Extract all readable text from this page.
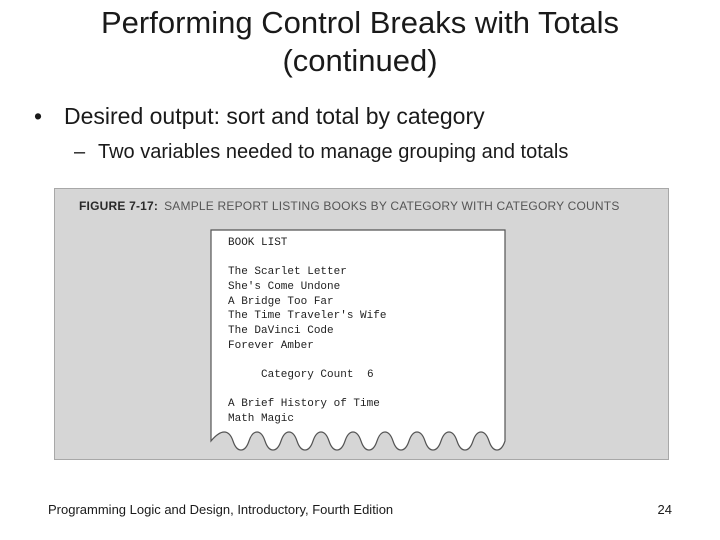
Performing Control Breaks with Totals
(continued)
• Desired output: sort and total by category
– Two variables needed to manage grouping and totals
FIGURE 7-17: SAMPLE REPORT LISTING BOOKS BY CATEGORY WITH CATEGORY COUNTS
BOOK LIST
The Scarlet Letter
She's Come Undone
A Bridge Too Far
The Time Traveler's Wife
The DaVinci Code
Forever Amber
Category Count 6
A Brief History of Time
Math Magic
Programming Logic and Design, Introductory, Fourth Edition	24
